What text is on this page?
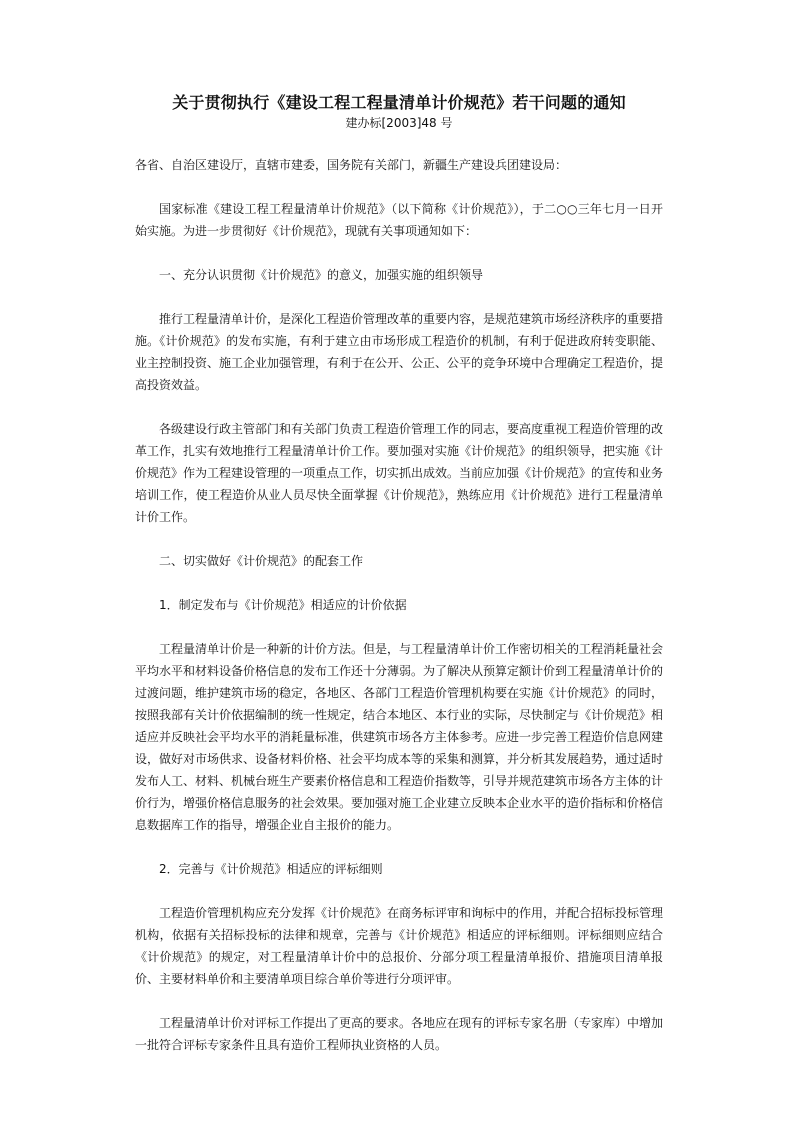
关于贯彻执行《建设工程工程量清单计价规范》若干问题的通知

建办标[2003]48 号

各省、自治区建设厅，直辖市建委，国务院有关部门，新疆生产建设兵团建设局：

国家标准《建设工程工程量清单计价规范》（以下简称《计价规范》），于二○○三年七月一日开始实施。为进一步贯彻好《计价规范》，现就有关事项通知如下：

一、充分认识贯彻《计价规范》的意义，加强实施的组织领导

推行工程量清单计价，是深化工程造价管理改革的重要内容，是规范建筑市场经济秩序的重要措施。《计价规范》的发布实施，有利于建立由市场形成工程造价的机制，有利于促进政府转变职能、业主控制投资、施工企业加强管理，有利于在公开、公正、公平的竞争环境中合理确定工程造价，提高投资效益。

各级建设行政主管部门和有关部门负责工程造价管理工作的同志，要高度重视工程造价管理的改革工作，扎实有效地推行工程量清单计价工作。要加强对实施《计价规范》的组织领导，把实施《计价规范》作为工程建设管理的一项重点工作，切实抓出成效。当前应加强《计价规范》的宣传和业务培训工作，使工程造价从业人员尽快全面掌握《计价规范》，熟练应用《计价规范》进行工程量清单计价工作。

二、切实做好《计价规范》的配套工作

1．制定发布与《计价规范》相适应的计价依据

工程量清单计价是一种新的计价方法。但是，与工程量清单计价工作密切相关的工程消耗量社会平均水平和材料设备价格信息的发布工作还十分薄弱。为了解决从预算定额计价到工程量清单计价的过渡问题，维护建筑市场的稳定，各地区、各部门工程造价管理机构要在实施《计价规范》的同时，按照我部有关计价依据编制的统一性规定，结合本地区、本行业的实际，尽快制定与《计价规范》相适应并反映社会平均水平的消耗量标准，供建筑市场各方主体参考。应进一步完善工程造价信息网建设，做好对市场供求、设备材料价格、社会平均成本等的采集和测算，并分析其发展趋势，通过适时发布人工、材料、机械台班生产要素价格信息和工程造价指数等，引导并规范建筑市场各方主体的计价行为，增强价格信息服务的社会效果。要加强对施工企业建立反映本企业水平的造价指标和价格信息数据库工作的指导，增强企业自主报价的能力。

2．完善与《计价规范》相适应的评标细则

工程造价管理机构应充分发挥《计价规范》在商务标评审和询标中的作用，并配合招标投标管理机构，依据有关招标投标的法律和规章，完善与《计价规范》相适应的评标细则。评标细则应结合《计价规范》的规定，对工程量清单计价中的总报价、分部分项工程量清单报价、措施项目清单报价、主要材料单价和主要清单项目综合单价等进行分项评审。

工程量清单计价对评标工作提出了更高的要求。各地应在现有的评标专家名册（专家库）中增加一批符合评标专家条件且具有造价工程师执业资格的人员。
